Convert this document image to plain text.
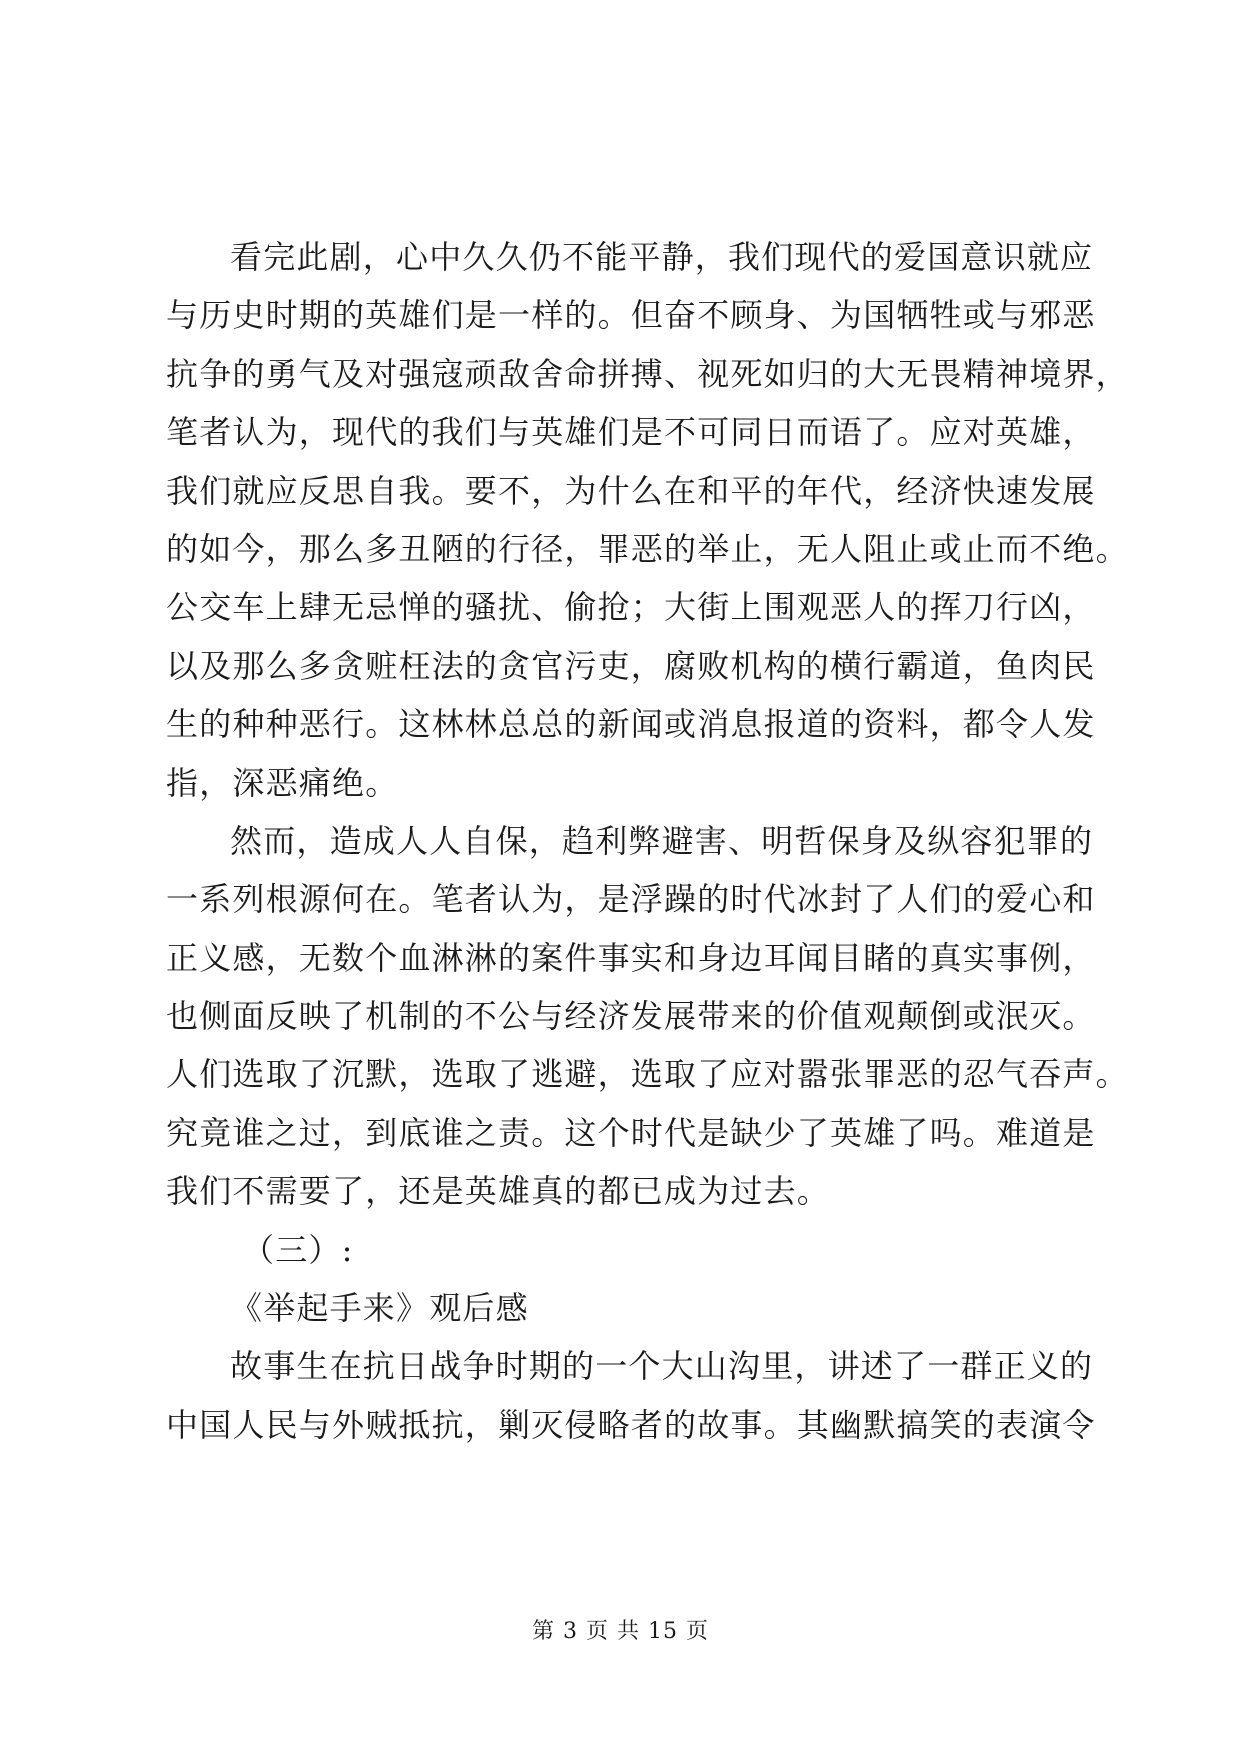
看完此剧，心中久久仍不能平静，我们现代的爱国意识就应
与历史时期的英雄们是一样的。但奋不顾身、为国牺牲或与邪恶
抗争的勇气及对强寇顽敌舍命拼搏、视死如归的大无畏精神境界，
笔者认为，现代的我们与英雄们是不可同日而语了。应对英雄，
我们就应反思自我。要不，为什么在和平的年代，经济快速发展
的如今，那么多丑陋的行径，罪恶的举止，无人阻止或止而不绝。
公交车上肆无忌惮的骚扰、偷抢；大街上围观恶人的挥刀行凶，
以及那么多贪赃枉法的贪官污吏，腐败机构的横行霸道，鱼肉民
生的种种恶行。这林林总总的新闻或消息报道的资料，都令人发
指，深恶痛绝。
然而，造成人人自保，趋利弊避害、明哲保身及纵容犯罪的
一系列根源何在。笔者认为，是浮躁的时代冰封了人们的爱心和
正义感，无数个血淋淋的案件事实和身边耳闻目睹的真实事例，
也侧面反映了机制的不公与经济发展带来的价值观颠倒或泯灭。
人们选取了沉默，选取了逃避，选取了应对嚣张罪恶的忍气吞声。
究竟谁之过，到底谁之责。这个时代是缺少了英雄了吗。难道是
我们不需要了，还是英雄真的都已成为过去。
（三）:
《举起手来》观后感
故事生在抗日战争时期的一个大山沟里，讲述了一群正义的
中国人民与外贼抵抗，剿灭侵略者的故事。其幽默搞笑的表演令
第 3 页 共 15 页
